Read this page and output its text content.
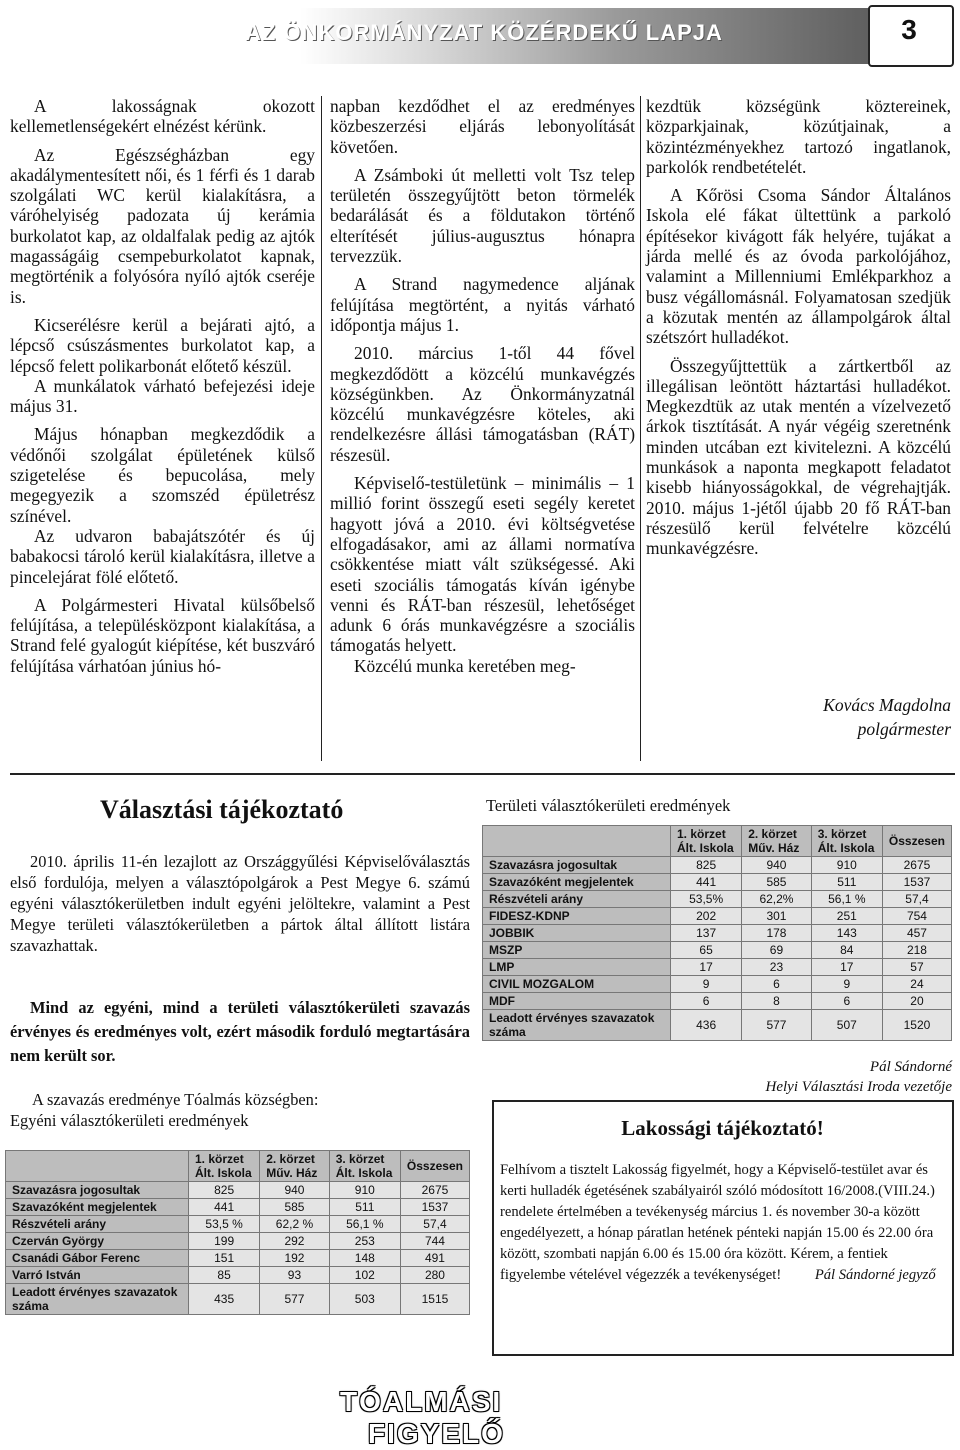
AZ ÖNKORMÁNYZAT KÖZÉRDEKŰ LAPJA	3

A lakosságnak okozott kellemetlenségekért elnézést kérünk.

Az Egészségházban egy akadálymentesített női, és 1 férfi és 1 darab szolgálati WC kerül kialakításra, a váróhelyiség padozata új kerámia burkolatot kap, az oldalfalak pedig az ajtók magasságáig csempeburkolatot kapnak, megtörténik a folyósóra nyíló ajtók cseréje is.

Kicserélésre kerül a bejárati ajtó, a lépcső csúszásmentes burkolatot kap, a lépcső felett polikarbonát előtető készül.

A munkálatok várható befejezési ideje május 31.

Május hónapban megkezdődik a védőnői szolgálat épületének külső szigetelése és bepucolása, mely megegyezik a szomszéd épületrész színével.

Az udvaron babajátszótér és új babakocsi tároló kerül kialakításra, illetve a pincelejárat fölé előtető.

A Polgármesteri Hivatal külsőbelső felújítása, a településközpont kialakítása, a Strand felé gyalogút kiépítése, két buszváró felújítása várhatóan június hó-

napban kezdődhet el az eredményes közbeszerzési eljárás lebonyolítását követően.

A Zsámboki út melletti volt Tsz telep területén összegyűjtött beton törmelék bedarálását és a földutakon történő elterítését július-augusztus hónapra tervezzük.

A Strand nagymedence aljának felújítása megtörtént, a nyitás várható időpontja május 1.

2010. március 1-től 44 fővel megkezdődött a közcélú munkavégzés községünkben. Az Önkormányzatnál közcélú munkavégzésre köteles, aki rendelkezésre állási támogatásban (RÁT) részesül.

Képviselő-testületünk – minimális – 1 millió forint összegű eseti segély keretet hagyott jóvá a 2010. évi költségvetése elfogadásakor, ami az állami normatíva csökkentése miatt vált szükségessé. Aki eseti szociális támogatás kíván igénybe venni és RÁT-ban részesül, lehetőséget adunk 6 órás munkavégzésre a szociális támogatás helyett.

Közcélú munka keretében meg-

kezdtük községünk köztereinek, közparkjainak, közútjainak, a közintézményekhez tartozó ingatlanok, parkolók rendbetételét.

A Kőrösi Csoma Sándor Általános Iskola elé fákat ültettünk a parkoló építésekor kivágott fák helyére, tujákat a járda mellé és az óvoda parkolójához, valamint a Millenniumi Emlékparkhoz a busz végállomásnál. Folyamatosan szedjük a közutak mentén az állampolgárok által szétszórt hulladékot.

Összegyűjttettük a zártkertből az illegálisan leöntött háztartási hulladékot. Megkezdtük az utak mentén a vízelvezető árkok tisztítását. A nyár végéig szeretnénk minden utcában ezt kivitelezni. A közcélú munkások a naponta megkapott feladatot kisebb hiányosságokkal, de végrehajtják. 2010. május 1-jétől újabb 20 fő RÁT-ban részesülő kerül felvételre közcélú munkavégzésre.

Kovács Magdolna
polgármester
Választási tájékoztató
2010. április 11-én lezajlott az Országgyűlési Képviselőválasztás első fordulója, melyen a választópolgárok a Pest Megye 6. számú egyéni választókerületben indult egyéni jelöltekre, valamint a Pest Megye területi választókerületben a pártok által állított listára szavazhattak.
Mind az egyéni, mind a területi választókerületi szavazás érvényes és eredményes volt, ezért második forduló megtartására nem került sor.
A szavazás eredménye Tóalmás községben:
Egyéni választókerületi eredmények
	1. körzet Ált. Iskola	2. körzet Műv. Ház	3. körzet Ált. Iskola	Összesen
Szavazásra jogosultak	825	940	910	2675
Szavazóként megjelentek	441	585	511	1537
Részvételi arány	53,5 %	62,2 %	56,1 %	57,4
Czerván György	199	292	253	744
Csanádi Gábor Ferenc	151	192	148	491
Varró István	85	93	102	280
Leadott érvényes szavazatok száma	435	577	503	1515
Területi választókerületi eredmények
	1. körzet Ált. Iskola	2. körzet Műv. Ház	3. körzet Ált. Iskola	Összesen
Szavazásra jogosultak	825	940	910	2675
Szavazóként megjelentek	441	585	511	1537
Részvételi arány	53,5%	62,2%	56,1 %	57,4
FIDESZ-KDNP	202	301	251	754
JOBBIK	137	178	143	457
MSZP	65	69	84	218
LMP	17	23	17	57
CIVIL MOZGALOM	9	6	9	24
MDF	6	8	6	20
Leadott érvényes szavazatok száma	436	577	507	1520
Pál Sándorné
Helyi Választási Iroda vezetője
Lakossági tájékoztató!
Felhívom a tisztelt Lakosság figyelmét, hogy a Képviselő-testület avar és kerti hulladék égetésének szabályairól szóló módosított 16/2008.(VIII.24.) rendelete értelmében a tevékenység március 1. és november 30-a között engedélyezett, a hónap páratlan hetének pénteki napján 15.00 és 22.00 óra között, szombati napján 6.00 és 15.00 óra között. Kérem, a fentiek figyelembe vételével végezzék a tevékenységet! Pál Sándorné jegyző
TÓALMÁSI FIGYELŐ
